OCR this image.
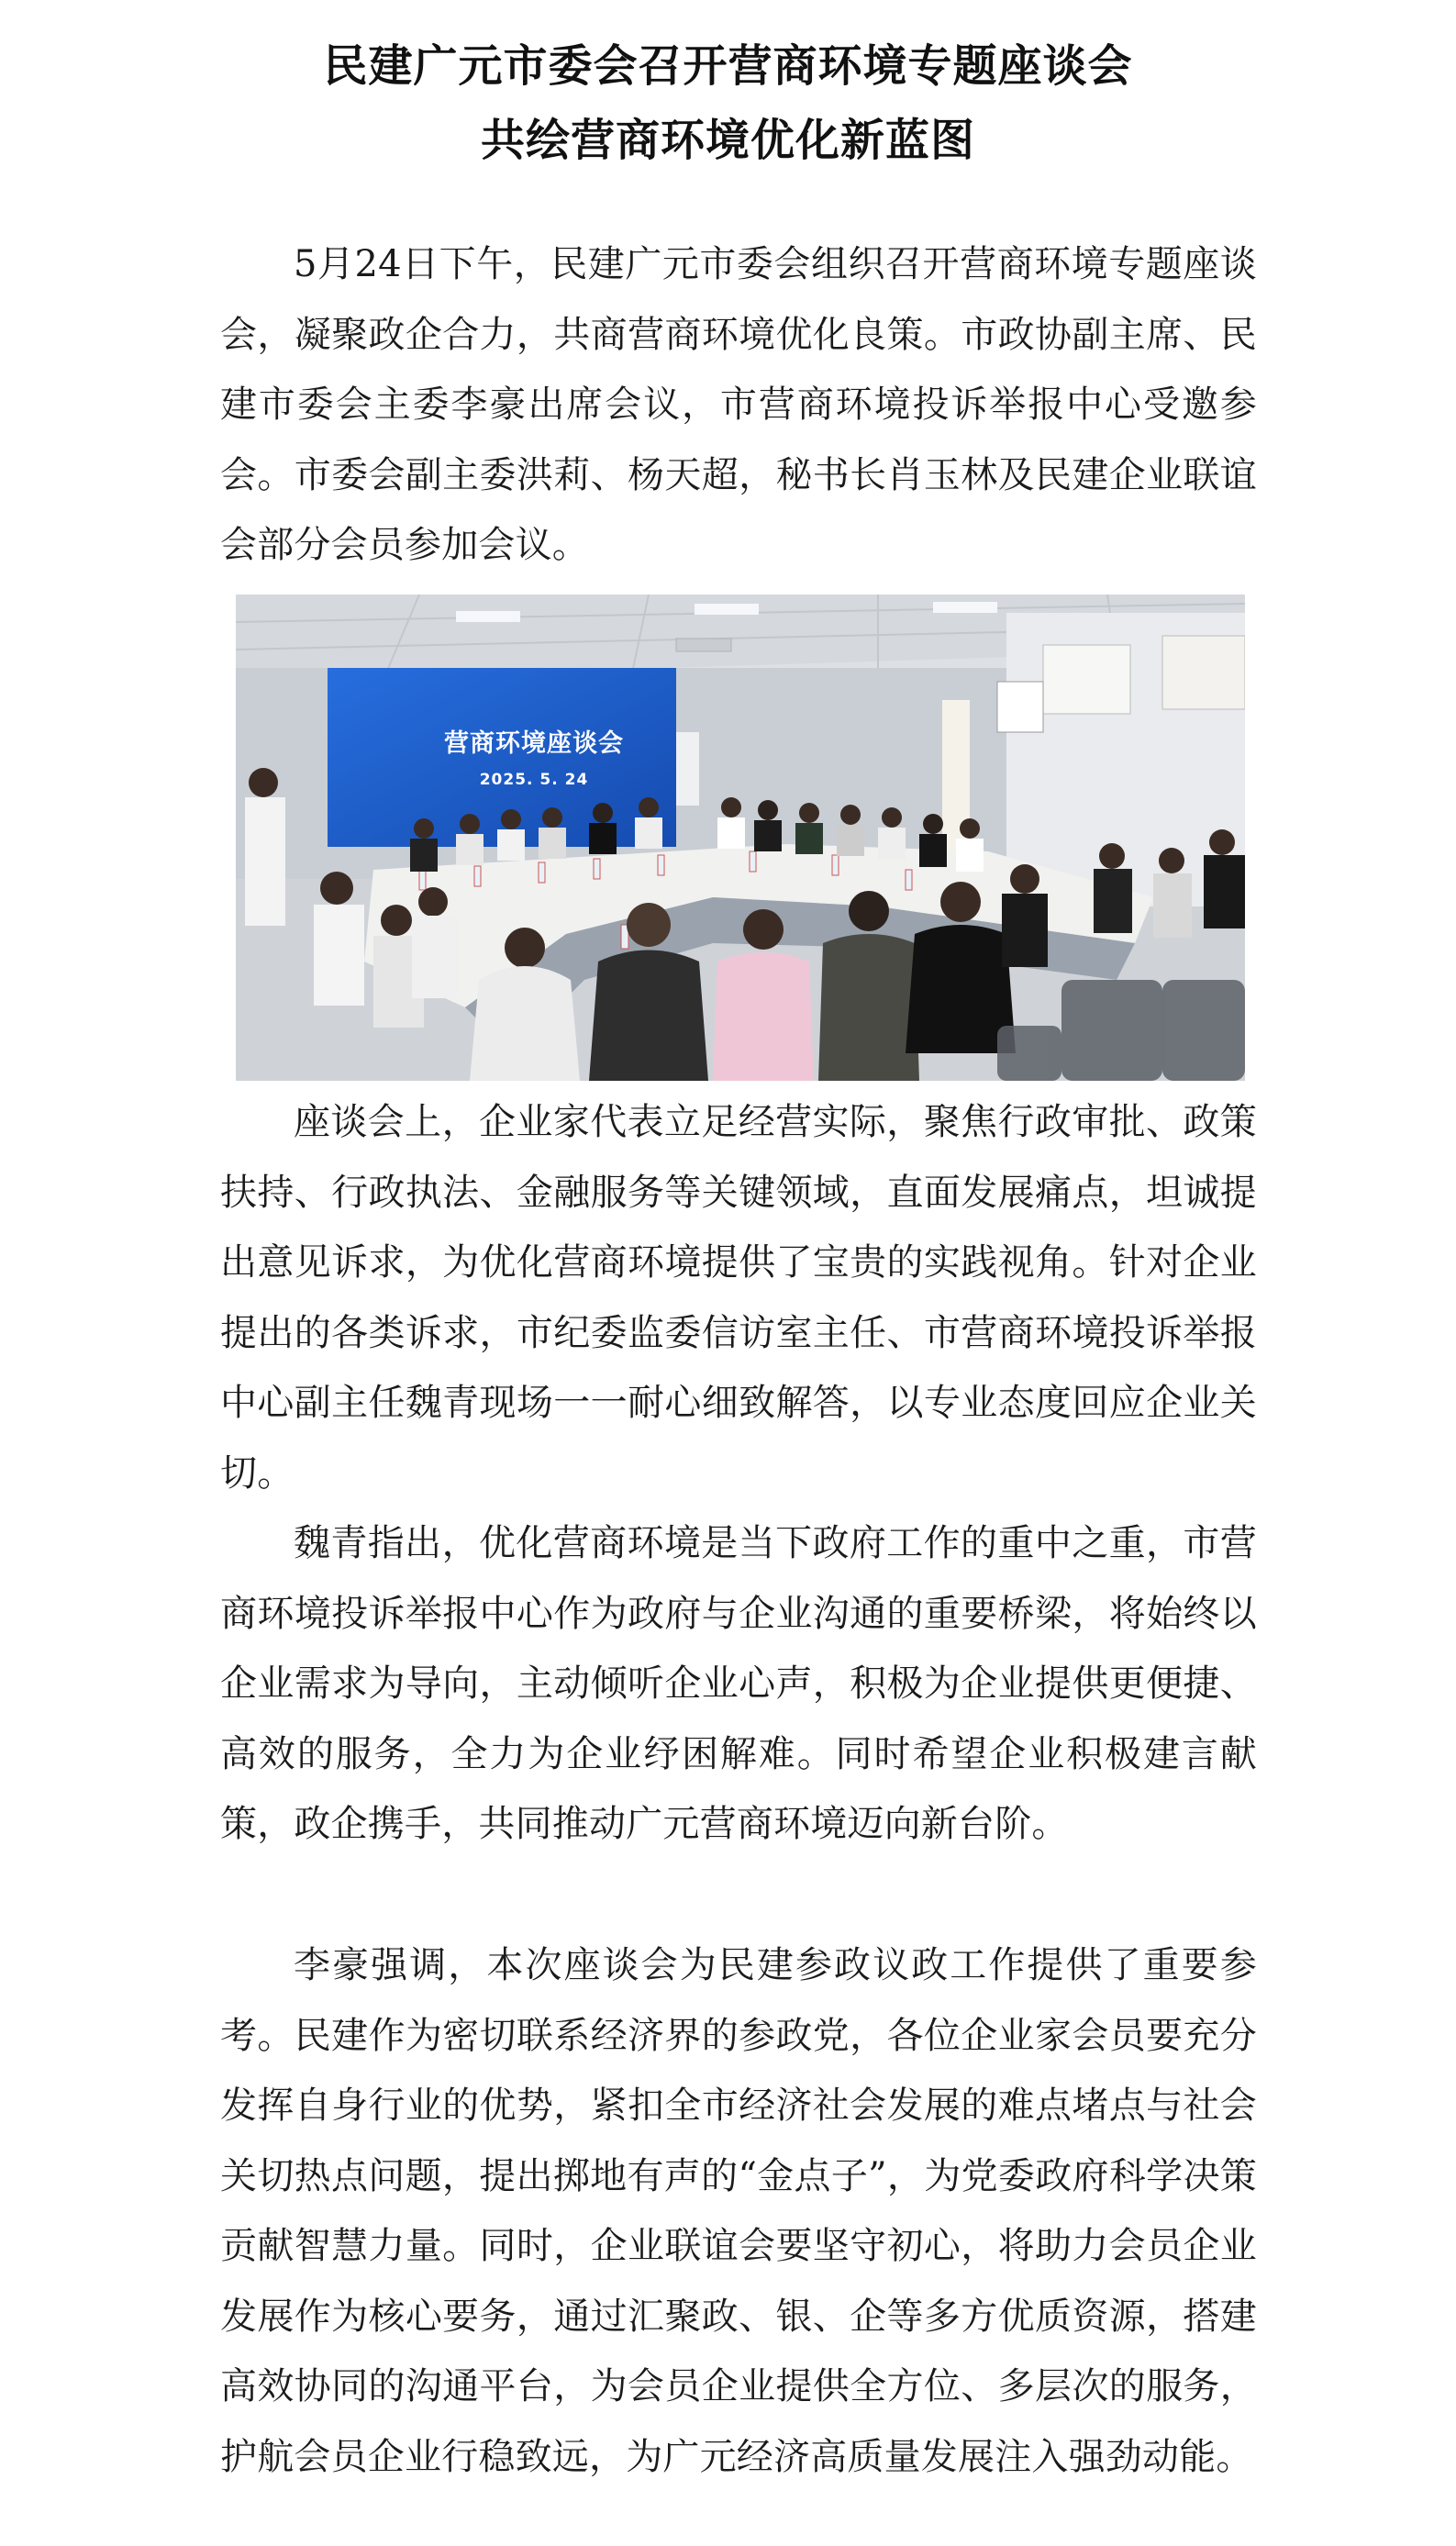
民建广元市委会召开营商环境专题座谈会
共绘营商环境优化新蓝图

5月24日下午，民建广元市委会组织召开营商环境专题座谈会，凝聚政企合力，共商营商环境优化良策。市政协副主席、民建市委会主委李豪出席会议，市营商环境投诉举报中心受邀参会。市委会副主委洪莉、杨天超，秘书长肖玉林及民建企业联谊会部分会员参加会议。

营商环境座谈会
2025. 5. 24

座谈会上，企业家代表立足经营实际，聚焦行政审批、政策扶持、行政执法、金融服务等关键领域，直面发展痛点，坦诚提出意见诉求，为优化营商环境提供了宝贵的实践视角。针对企业提出的各类诉求，市纪委监委信访室主任、市营商环境投诉举报中心副主任魏青现场一一耐心细致解答，以专业态度回应企业关切。

魏青指出，优化营商环境是当下政府工作的重中之重，市营商环境投诉举报中心作为政府与企业沟通的重要桥梁，将始终以企业需求为导向，主动倾听企业心声，积极为企业提供更便捷、高效的服务，全力为企业纾困解难。同时希望企业积极建言献策，政企携手，共同推动广元营商环境迈向新台阶。

李豪强调，本次座谈会为民建参政议政工作提供了重要参考。民建作为密切联系经济界的参政党，各位企业家会员要充分发挥自身行业的优势，紧扣全市经济社会发展的难点堵点与社会关切热点问题，提出掷地有声的“金点子”，为党委政府科学决策贡献智慧力量。同时，企业联谊会要坚守初心，将助力会员企业发展作为核心要务，通过汇聚政、银、企等多方优质资源，搭建高效协同的沟通平台，为会员企业提供全方位、多层次的服务，护航会员企业行稳致远，为广元经济高质量发展注入强劲动能。
